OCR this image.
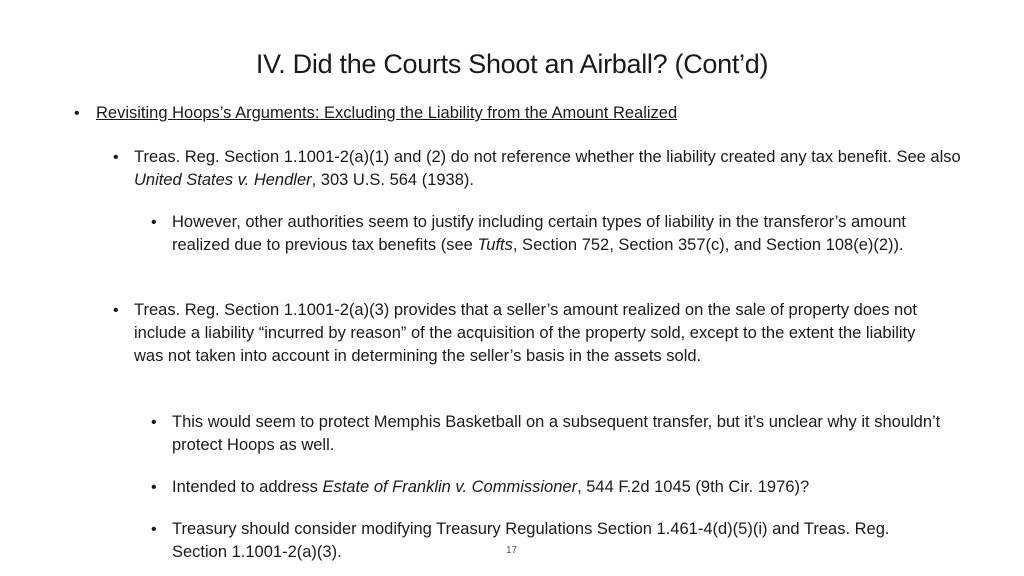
IV. Did the Courts Shoot an Airball? (Cont’d)
• Revisiting Hoops’s Arguments: Excluding the Liability from the Amount Realized
• Treas. Reg. Section 1.1001-2(a)(1) and (2) do not reference whether the liability created any tax benefit. See also United States v. Hendler, 303 U.S. 564 (1938).
• However, other authorities seem to justify including certain types of liability in the transferor’s amount realized due to previous tax benefits (see Tufts, Section 752, Section 357(c), and Section 108(e)(2)).
• Treas. Reg. Section 1.1001-2(a)(3) provides that a seller’s amount realized on the sale of property does not include a liability “incurred by reason” of the acquisition of the property sold, except to the extent the liability was not taken into account in determining the seller’s basis in the assets sold.
• This would seem to protect Memphis Basketball on a subsequent transfer, but it’s unclear why it shouldn’t protect Hoops as well.
• Intended to address Estate of Franklin v. Commissioner, 544 F.2d 1045 (9th Cir. 1976)?
• Treasury should consider modifying Treasury Regulations Section 1.461-4(d)(5)(i) and Treas. Reg. Section 1.1001-2(a)(3).	17
